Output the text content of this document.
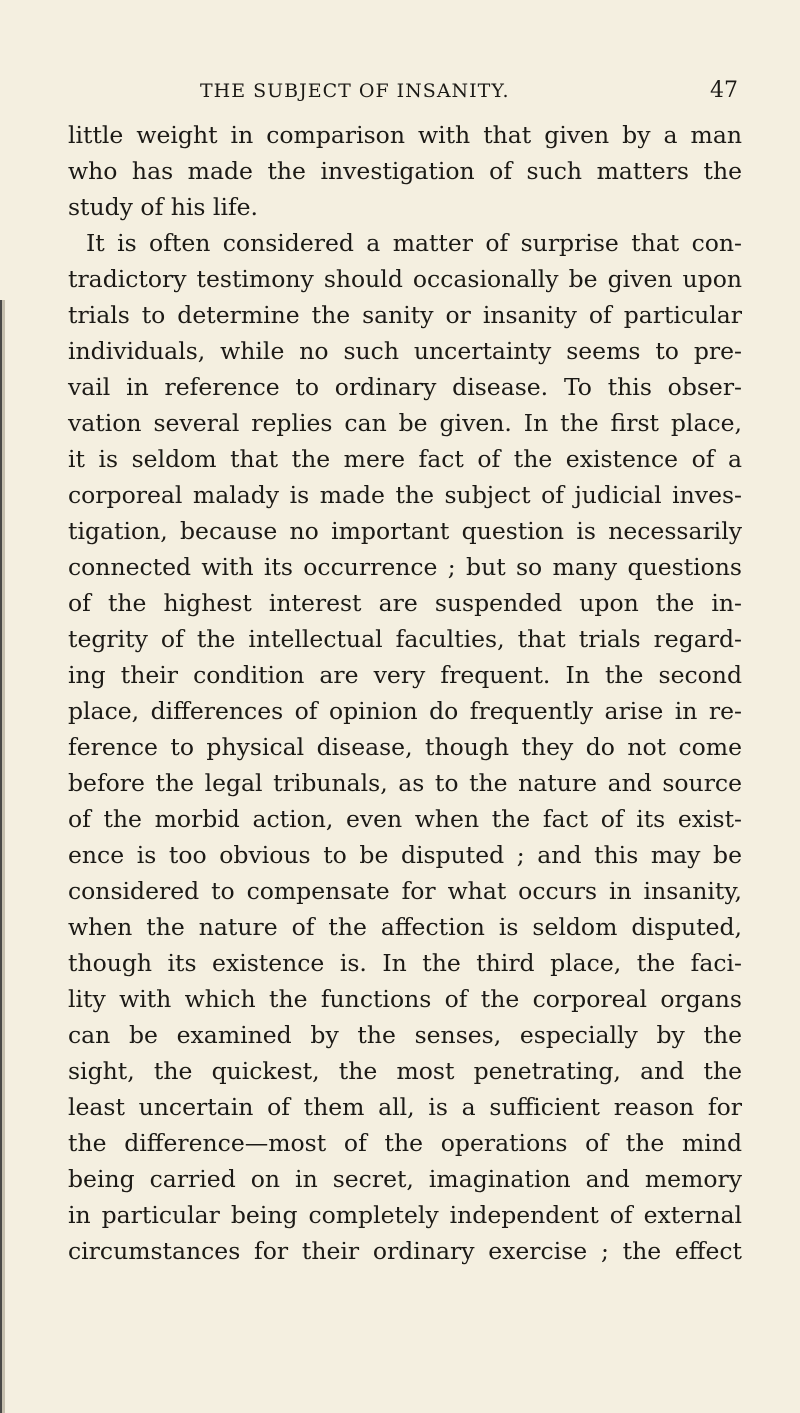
THE SUBJECT OF INSANITY.	47
little weight in comparison with that given by a man
who has made the investigation of such matters the
study of his life.
It is often considered a matter of surprise that con-
tradictory testimony should occasionally be given upon
trials to determine the sanity or insanity of particular
individuals, while no such uncertainty seems to pre-
vail in reference to ordinary disease. To this obser-
vation several replies can be given. In the first place,
it is seldom that the mere fact of the existence of a
corporeal malady is made the subject of judicial inves-
tigation, because no important question is necessarily
connected with its occurrence ; but so many questions
of the highest interest are suspended upon the in-
tegrity of the intellectual faculties, that trials regard-
ing their condition are very frequent. In the second
place, differences of opinion do frequently arise in re-
ference to physical disease, though they do not come
before the legal tribunals, as to the nature and source
of the morbid action, even when the fact of its exist-
ence is too obvious to be disputed ; and this may be
considered to compensate for what occurs in insanity,
when the nature of the affection is seldom disputed,
though its existence is. In the third place, the faci-
lity with which the functions of the corporeal organs
can be examined by the senses, especially by the
sight, the quickest, the most penetrating, and the
least uncertain of them all, is a sufficient reason for
the difference—most of the operations of the mind
being carried on in secret, imagination and memory
in particular being completely independent of external
circumstances for their ordinary exercise ; the effect
